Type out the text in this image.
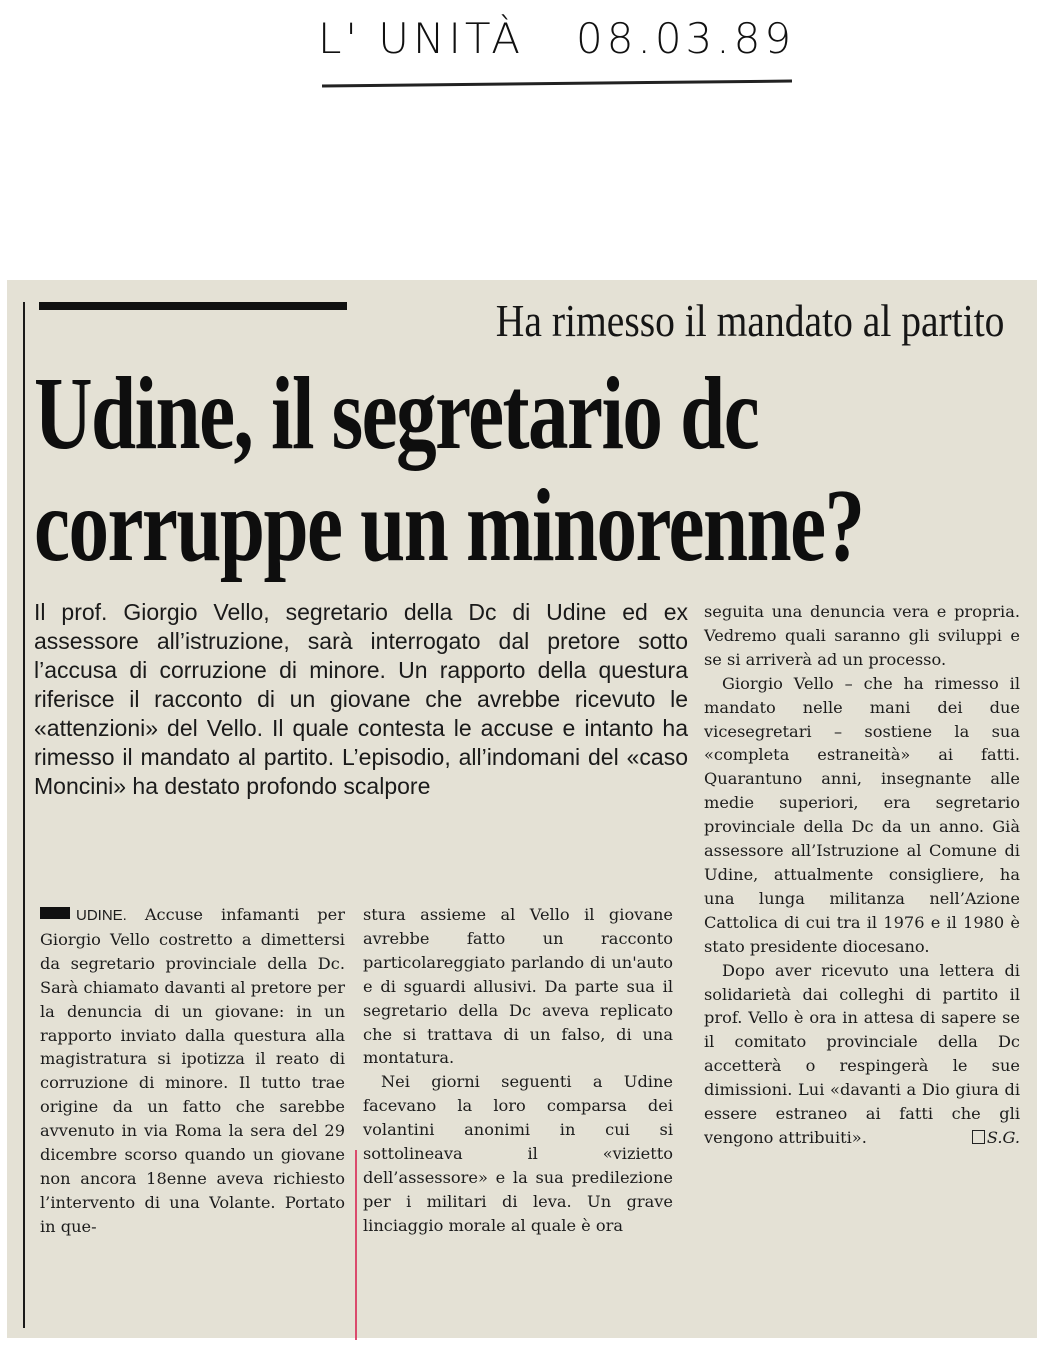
L' UNITÀ   08.03.89
Ha rimesso il mandato al partito
Udine, il segretario dc
corruppe un minorenne?

Il prof. Giorgio Vello, segretario della Dc di Udine ed ex assessore all’istruzione, sarà interrogato dal pretore sotto l’accusa di corruzione di minore. Un rapporto della questura riferisce il racconto di un giovane che avrebbe ricevuto le «attenzioni» del Vello. Il quale contesta le accuse e intanto ha rimesso il mandato al partito. L’episodio, all’indomani del «caso Moncini» ha destato profondo scalpore

UDINE. Accuse infamanti per Giorgio Vello costretto a dimettersi da segretario provinciale della Dc. Sarà chiamato davanti al pretore per la denuncia di un giovane: in un rapporto inviato dalla questura alla magistratura si ipotizza il reato di corruzione di minore. Il tutto trae origine da un fatto che sarebbe avvenuto in via Roma la sera del 29 dicembre scorso quando un giovane non ancora 18enne aveva richiesto l’intervento di una Volante. Portato in que-

stura assieme al Vello il giovane avrebbe fatto un racconto particolareggiato parlando di un'auto e di sguardi allusivi. Da parte sua il segretario della Dc aveva replicato che si trattava di un falso, di una montatura.

Nei giorni seguenti a Udine facevano la loro comparsa dei volantini anonimi in cui si sottolineava il «vizietto dell’assessore» e la sua predilezione per i militari di leva. Un grave linciaggio morale al quale è ora

seguita una denuncia vera e propria. Vedremo quali saranno gli sviluppi e se si arriverà ad un processo.

Giorgio Vello – che ha rimesso il mandato nelle mani dei due vicesegretari – sostiene la sua «completa estraneità» ai fatti. Quarantuno anni, insegnante alle medie superiori, era segretario provinciale della Dc da un anno. Già assessore all’Istruzione al Comune di Udine, attualmente consigliere, ha una lunga militanza nell’Azione Cattolica di cui tra il 1976 e il 1980 è stato presidente diocesano.

Dopo aver ricevuto una lettera di solidarietà dai colleghi di partito il prof. Vello è ora in attesa di sapere se il comitato provinciale della Dc accetterà o respingerà le sue dimissioni. Lui «davanti a Dio giura di essere estraneo ai fatti che gli vengono attribuiti».	S.G.
